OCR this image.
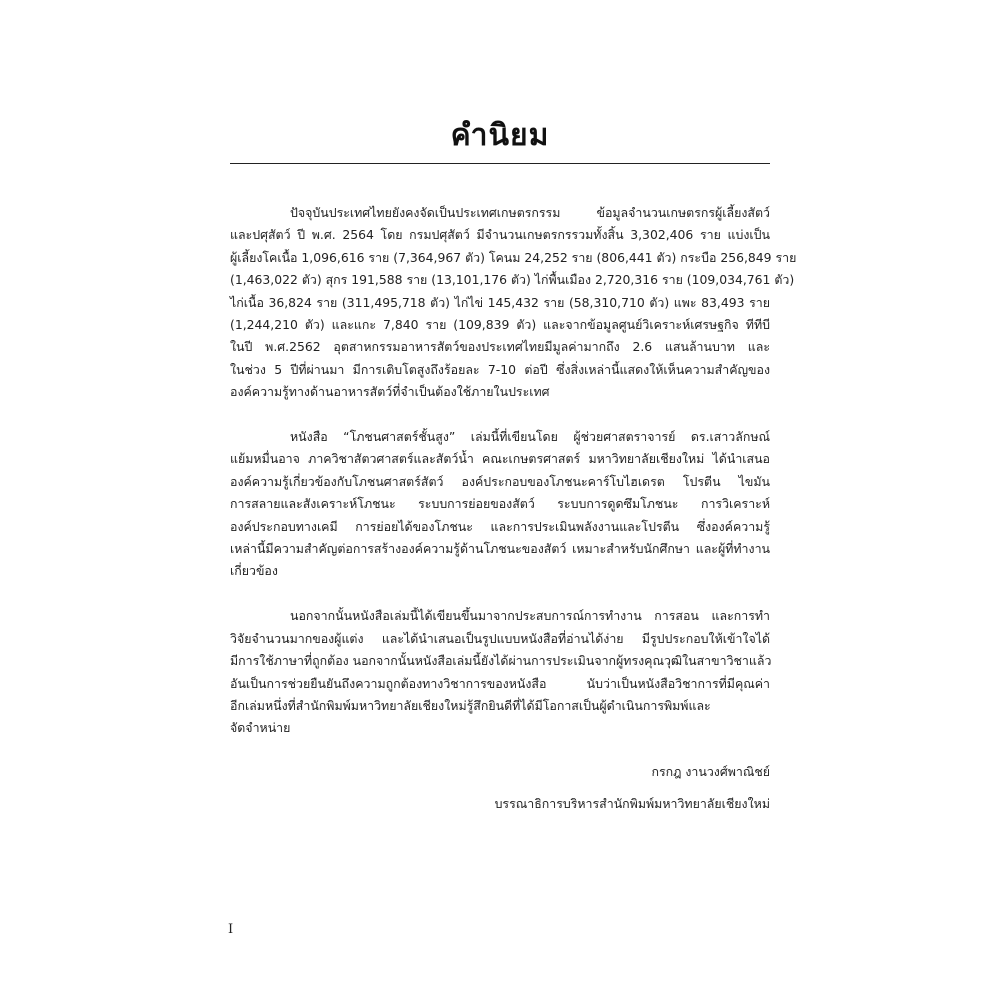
คำนิยม

ปัจจุบันประเทศไทยยังคงจัดเป็นประเทศเกษตรกรรม ข้อมูลจำนวนเกษตรกรผู้เลี้ยงสัตว์
และปศุสัตว์ ปี พ.ศ. 2564 โดย กรมปศุสัตว์ มีจำนวนเกษตรกรรวมทั้งสิ้น 3,302,406 ราย แบ่งเป็น
ผู้เลี้ยงโคเนื้อ 1,096,616 ราย (7,364,967 ตัว) โคนม 24,252 ราย (806,441 ตัว) กระบือ 256,849 ราย
(1,463,022 ตัว) สุกร 191,588 ราย (13,101,176 ตัว) ไก่พื้นเมือง 2,720,316 ราย (109,034,761 ตัว)
ไก่เนื้อ 36,824 ราย (311,495,718 ตัว) ไก่ไข่ 145,432 ราย (58,310,710 ตัว) แพะ 83,493 ราย
(1,244,210 ตัว) และแกะ 7,840 ราย (109,839 ตัว) และจากข้อมูลศูนย์วิเคราะห์เศรษฐกิจ ทีทีบี
ในปี พ.ศ.2562 อุตสาหกรรมอาหารสัตว์ของประเทศไทยมีมูลค่ามากถึง 2.6 แสนล้านบาท และ
ในช่วง 5 ปีที่ผ่านมา มีการเติบโตสูงถึงร้อยละ 7-10 ต่อปี ซึ่งสิ่งเหล่านี้แสดงให้เห็นความสำคัญของ
องค์ความรู้ทางด้านอาหารสัตว์ที่จำเป็นต้องใช้ภายในประเทศ

หนังสือ “โภชนศาสตร์ชั้นสูง” เล่มนี้ที่เขียนโดย ผู้ช่วยศาสตราจารย์ ดร.เสาวลักษณ์
แย้มหมื่นอาจ ภาควิชาสัตวศาสตร์และสัตว์น้ำ คณะเกษตรศาสตร์ มหาวิทยาลัยเชียงใหม่ ได้นำเสนอ
องค์ความรู้เกี่ยวข้องกับโภชนศาสตร์สัตว์ องค์ประกอบของโภชนะคาร์โบไฮเดรต โปรตีน ไขมัน
การสลายและสังเคราะห์โภชนะ ระบบการย่อยของสัตว์ ระบบการดูดซึมโภชนะ การวิเคราะห์
องค์ประกอบทางเคมี การย่อยได้ของโภชนะ และการประเมินพลังงานและโปรตีน ซึ่งองค์ความรู้
เหล่านี้มีความสำคัญต่อการสร้างองค์ความรู้ด้านโภชนะของสัตว์ เหมาะสำหรับนักศึกษา และผู้ที่ทำงาน
เกี่ยวข้อง

นอกจากนั้นหนังสือเล่มนี้ได้เขียนขึ้นมาจากประสบการณ์การทำงาน การสอน และการทำ
วิจัยจำนวนมากของผู้แต่ง และได้นำเสนอเป็นรูปแบบหนังสือที่อ่านได้ง่าย มีรูปประกอบให้เข้าใจได้
มีการใช้ภาษาที่ถูกต้อง นอกจากนั้นหนังสือเล่มนี้ยังได้ผ่านการประเมินจากผู้ทรงคุณวุฒิในสาขาวิชาแล้ว
อันเป็นการช่วยยืนยันถึงความถูกต้องทางวิชาการของหนังสือ นับว่าเป็นหนังสือวิชาการที่มีคุณค่า
อีกเล่มหนึ่งที่สำนักพิมพ์มหาวิทยาลัยเชียงใหม่รู้สึกยินดีที่ได้มีโอกาสเป็นผู้ดำเนินการพิมพ์และ
จัดจำหน่าย

กรกฎ งานวงศ์พาณิชย์
บรรณาธิการบริหารสำนักพิมพ์มหาวิทยาลัยเชียงใหม่
I
